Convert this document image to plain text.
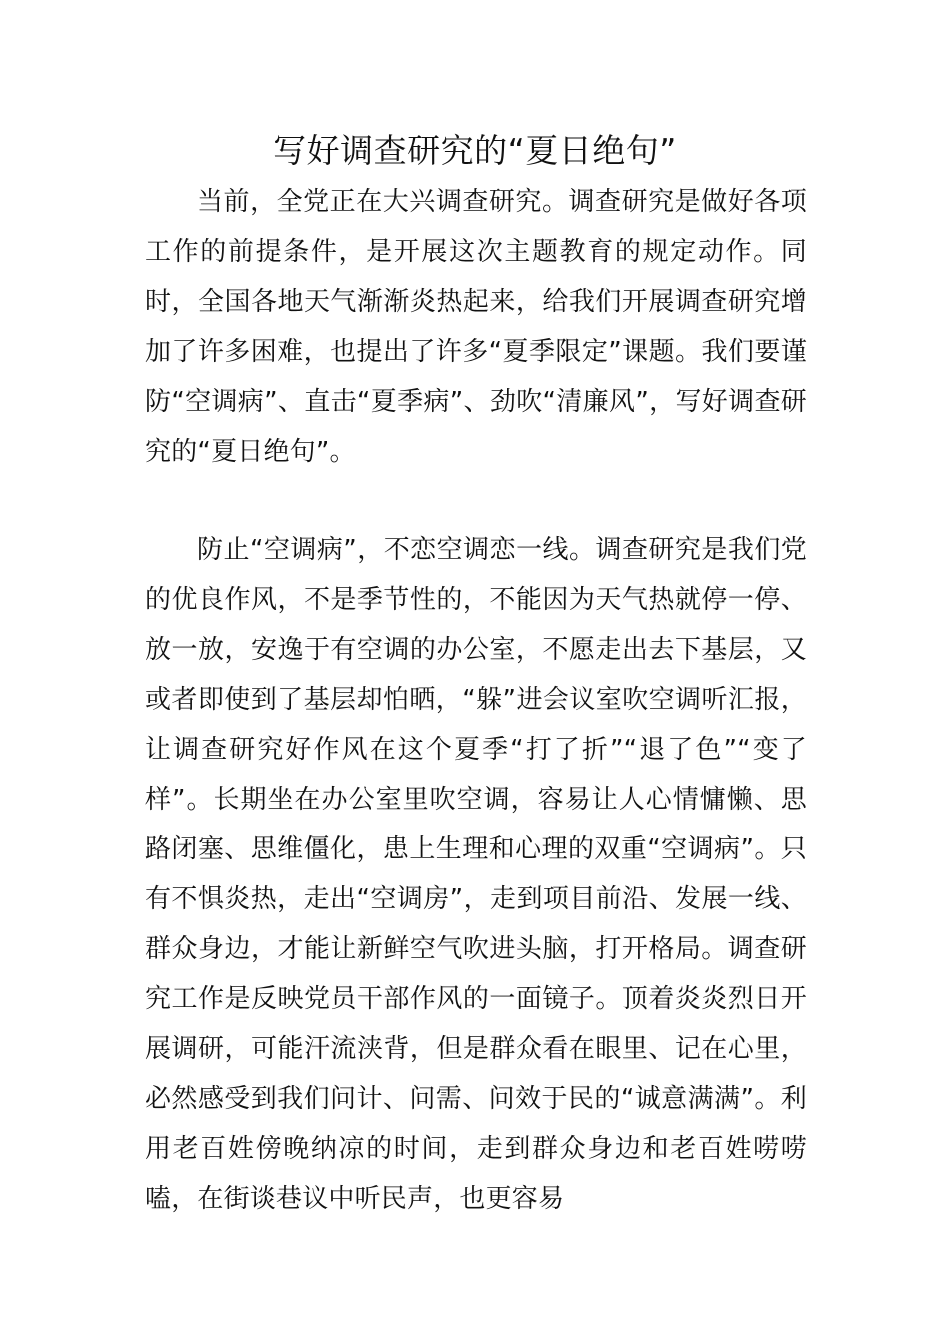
写好调查研究的“夏日绝句”

当前，全党正在大兴调查研究。调查研究是做好各项工作的前提条件，是开展这次主题教育的规定动作。同时，全国各地天气渐渐炎热起来，给我们开展调查研究增加了许多困难，也提出了许多“夏季限定”课题。我们要谨防“空调病”、直击“夏季病”、劲吹“清廉风”，写好调查研究的“夏日绝句”。

防止“空调病”，不恋空调恋一线。调查研究是我们党的优良作风，不是季节性的，不能因为天气热就停一停、放一放，安逸于有空调的办公室，不愿走出去下基层，又或者即使到了基层却怕晒，“躲”进会议室吹空调听汇报，让调查研究好作风在这个夏季“打了折”“退了色”“变了样”。长期坐在办公室里吹空调，容易让人心情慵懒、思路闭塞、思维僵化，患上生理和心理的双重“空调病”。只有不惧炎热，走出“空调房”，走到项目前沿、发展一线、群众身边，才能让新鲜空气吹进头脑，打开格局。调查研究工作是反映党员干部作风的一面镜子。顶着炎炎烈日开展调研，可能汗流浃背，但是群众看在眼里、记在心里，必然感受到我们问计、问需、问效于民的“诚意满满”。利用老百姓傍晚纳凉的时间，走到群众身边和老百姓唠唠嗑，在街谈巷议中听民声，也更容易
